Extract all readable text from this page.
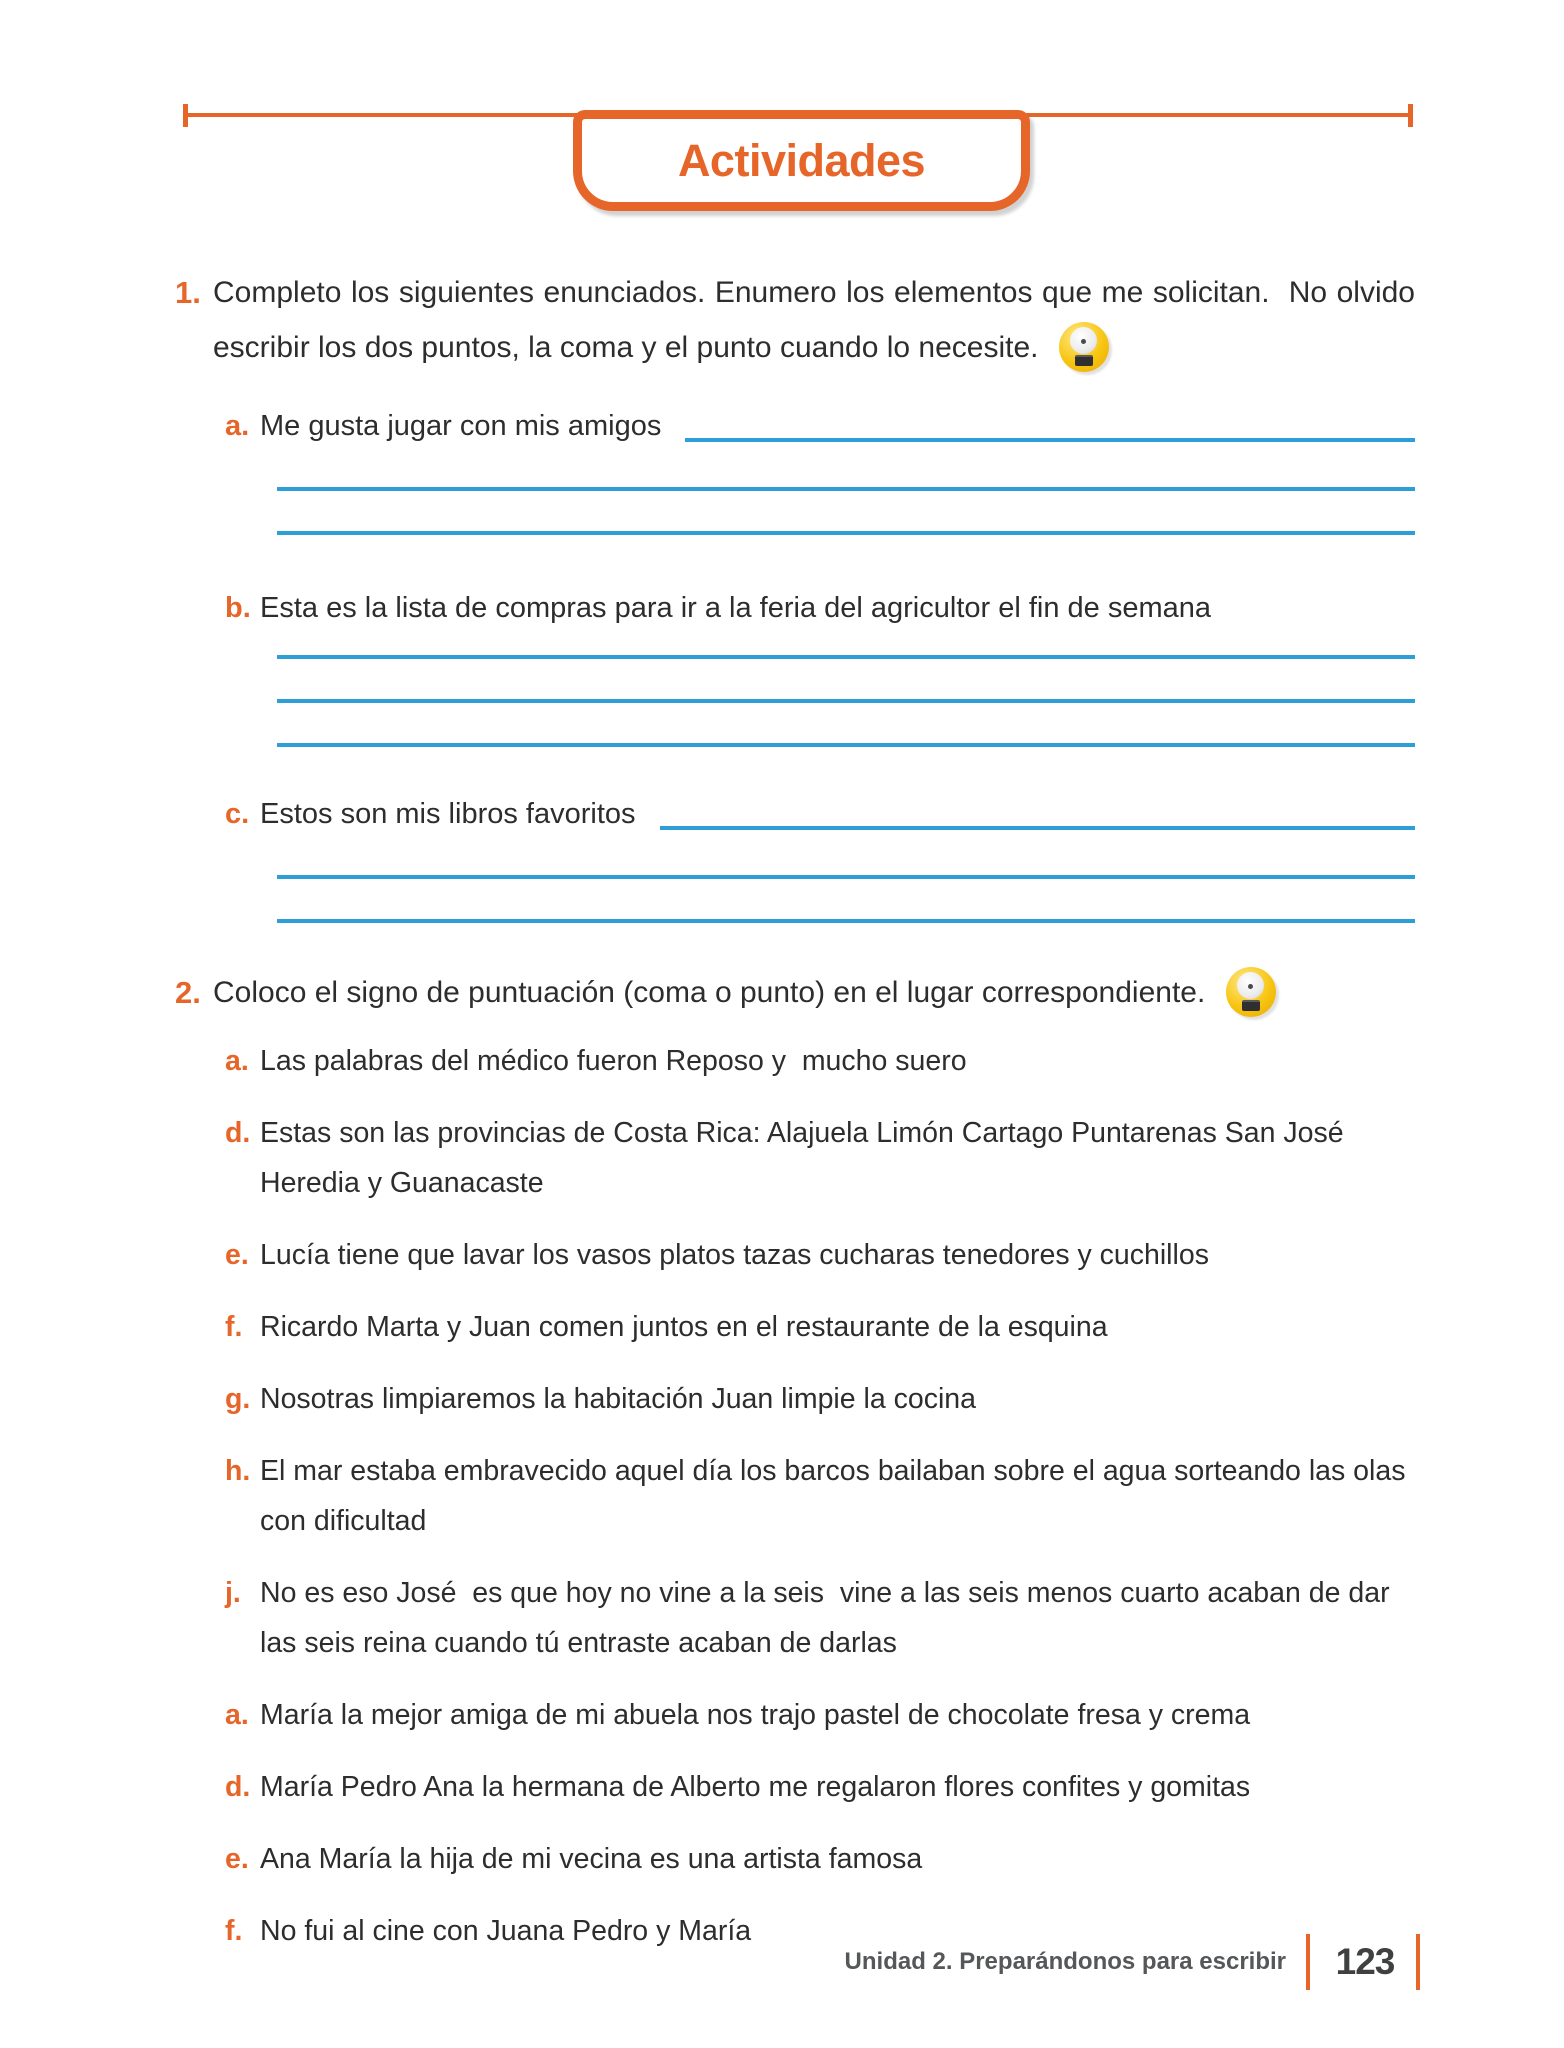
Actividades
1. Completo los siguientes enunciados. Enumero los elementos que me solicitan.  No olvido escribir los dos puntos, la coma y el punto cuando lo necesite.

a. Me gusta jugar con mis amigos
b. Esta es la lista de compras para ir a la feria del agricultor el fin de semana
c. Estos son mis libros favoritos
2. Coloco el signo de puntuación (coma o punto) en el lugar correspondiente.

a. Las palabras del médico fueron Reposo y  mucho suero
d. Estas son las provincias de Costa Rica: Alajuela Limón Cartago Puntarenas San José Heredia y Guanacaste
e. Lucía tiene que lavar los vasos platos tazas cucharas tenedores y cuchillos
f. Ricardo Marta y Juan comen juntos en el restaurante de la esquina
g. Nosotras limpiaremos la habitación Juan limpie la cocina
h. El mar estaba embravecido aquel día los barcos bailaban sobre el agua sorteando las olas con dificultad
j. No es eso José  es que hoy no vine a la seis  vine a las seis menos cuarto acaban de dar las seis reina cuando tú entraste acaban de darlas
a. María la mejor amiga de mi abuela nos trajo pastel de chocolate fresa y crema
d. María Pedro Ana la hermana de Alberto me regalaron flores confites y gomitas
e. Ana María la hija de mi vecina es una artista famosa
f. No fui al cine con Juana Pedro y María
Unidad 2. Preparándonos para escribir 123
